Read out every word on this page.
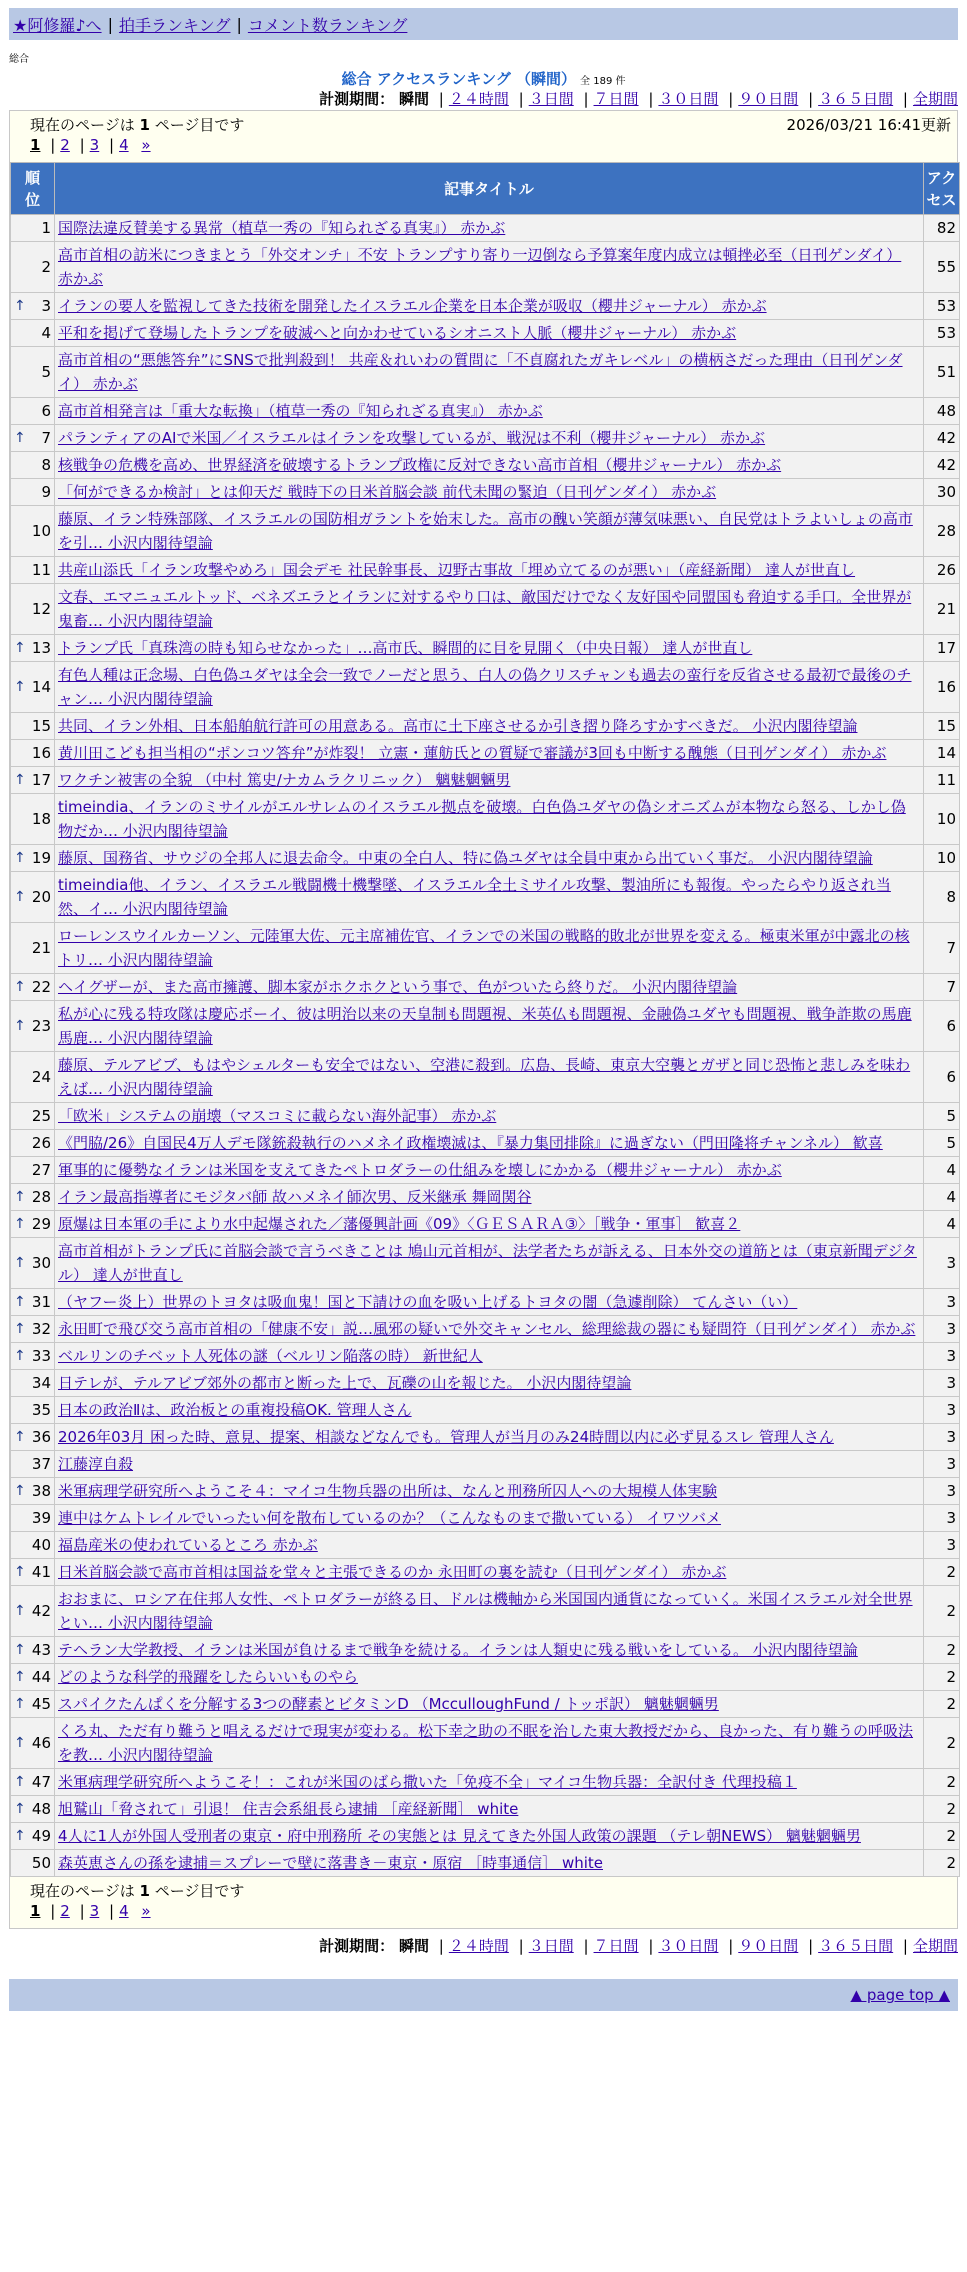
★阿修羅♪へ | 拍手ランキング | コメント数ランキング
総合
総合 アクセスランキング （瞬間） 全 189 件
計測期間： 瞬間 | ２４時間 | ３日間 | ７日間 | ３０日間 | ９０日間 | ３６５日間 | 全期間
現在のページは 1 ページ目です	2026/03/21 16:41更新
1 | 2 | 3 | 4 »
順位	記事タイトル	アクセス

1	国際法違反賛美する異常（植草一秀の『知られざる真実』） 赤かぶ	82
2	高市首相の訪米につきまとう「外交オンチ」不安 トランプすり寄り一辺倒なら予算案年度内成立は頓挫必至（日刊ゲンダイ） 赤かぶ	55

↑ 3	イランの要人を監視してきた技術を開発したイスラエル企業を日本企業が吸収（櫻井ジャーナル） 赤かぶ	53
4	平和を掲げて登場したトランプを破滅へと向かわせているシオニスト人脈（櫻井ジャーナル） 赤かぶ	53
5	高市首相の“悪態答弁”にSNSで批判殺到！ 共産＆れいわの質問に「不貞腐れたガキレベル」の横柄さだった理由（日刊ゲンダイ） 赤かぶ	51
6	高市首相発言は「重大な転換」（植草一秀の『知られざる真実』） 赤かぶ	48

↑ 7	パランティアのAIで米国／イスラエルはイランを攻撃しているが、戦況は不利（櫻井ジャーナル） 赤かぶ	42
8	核戦争の危機を高め、世界経済を破壊するトランプ政権に反対できない高市首相（櫻井ジャーナル） 赤かぶ	42
9	「何ができるか検討」とは仰天だ 戦時下の日米首脳会談 前代未聞の緊迫（日刊ゲンダイ） 赤かぶ	30
10	藤原、イラン特殊部隊、イスラエルの国防相ガラントを始末した。高市の醜い笑顔が薄気味悪い、自民党はトラよいしょの高市を引… 小沢内閣待望論	28
11	共産山添氏「イラン攻撃やめろ」国会デモ 社民幹事長、辺野古事故「埋め立てるのが悪い」（産経新聞） 達人が世直し	26
12	文春、エマニュエルトッド、ベネズエラとイランに対するやり口は、敵国だけでなく友好国や同盟国も脅迫する手口。全世界が鬼畜… 小沢内閣待望論	21

↑ 13	トランプ氏「真珠湾の時も知らせなかった」…高市氏、瞬間的に目を見開く（中央日報） 達人が世直し	17

↑ 14	有色人種は正念場、白色偽ユダヤは全会一致でノーだと思う、白人の偽クリスチャンも過去の蛮行を反省させる最初で最後のチャン… 小沢内閣待望論	16
15	共同、イラン外相、日本船舶航行許可の用意ある。高市に土下座させるか引き摺り降ろすかすべきだ。 小沢内閣待望論	15
16	黄川田こども担当相の“ポンコツ答弁”が炸裂！ 立憲・蓮舫氏との質疑で審議が3回も中断する醜態（日刊ゲンダイ） 赤かぶ	14

↑ 17	ワクチン被害の全貌 （中村 篤史/ナカムラクリニック） 魑魅魍魎男	11
18	timeindia、イランのミサイルがエルサレムのイスラエル拠点を破壊。白色偽ユダヤの偽シオニズムが本物なら怒る、しかし偽物だか… 小沢内閣待望論	10

↑ 19	藤原、国務省、サウジの全邦人に退去命令。中東の全白人、特に偽ユダヤは全員中東から出ていく事だ。 小沢内閣待望論	10

↑ 20	timeindia他、イラン、イスラエル戦闘機十機撃墜、イスラエル全土ミサイル攻撃、製油所にも報復。やったらやり返され当然、イ… 小沢内閣待望論	8
21	ローレンスウイルカーソン、元陸軍大佐、元主席補佐官、イランでの米国の戦略的敗北が世界を変える。極東米軍が中露北の核トリ… 小沢内閣待望論	7

↑ 22	ヘイグザーが、また高市擁護、脚本家がホクホクという事で、色がついたら終りだ。 小沢内閣待望論	7

↑ 23	私が心に残る特攻隊は慶応ボーイ、彼は明治以来の天皇制も問題視、米英仏も問題視、金融偽ユダヤも問題視、戦争詐欺の馬鹿馬鹿… 小沢内閣待望論	6
24	藤原、テルアビブ、もはやシェルターも安全ではない、空港に殺到。広島、長崎、東京大空襲とガザと同じ恐怖と悲しみを味わえば… 小沢内閣待望論	6
25	「欧米」システムの崩壊（マスコミに載らない海外記事） 赤かぶ	5
26	《門脇/26》自国民4万人デモ隊銃殺執行のハメネイ政権壊滅は、『暴力集団排除』に過ぎない（門田隆将チャンネル） 歓喜	5
27	軍事的に優勢なイランは米国を支えてきたペトロダラーの仕組みを壊しにかかる（櫻井ジャーナル） 赤かぶ	4

↑ 28	イラン最高指導者にモジタバ師 故ハメネイ師次男、反米継承 舞岡関谷	4

↑ 29	原爆は日本軍の手により水中起爆された／藩優興計画《09》〈ＧＥＳＡＲＡ③〉［戦争・軍事］ 歓喜２	4

↑ 30	高市首相がトランプ氏に首脳会談で言うべきことは 鳩山元首相が、法学者たちが訴える、日本外交の道筋とは（東京新聞デジタル） 達人が世直し	3

↑ 31	（ヤフー炎上）世界のトヨタは吸血鬼！国と下請けの血を吸い上げるトヨタの闇（急遽削除） てんさい（い）	3

↑ 32	永田町で飛び交う高市首相の「健康不安」説…風邪の疑いで外交キャンセル、総理総裁の器にも疑問符（日刊ゲンダイ） 赤かぶ	3

↑ 33	ベルリンのチベット人死体の謎（ベルリン陥落の時） 新世紀人	3
34	日テレが、テルアビブ郊外の都市と断った上で、瓦礫の山を報じた。 小沢内閣待望論	3
35	日本の政治Ⅱは、政治板との重複投稿OK. 管理人さん	3

↑ 36	2026年03月 困った時、意見、提案、相談などなんでも。管理人が当月のみ24時間以内に必ず見るスレ 管理人さん	3
37	江藤淳自殺	3

↑ 38	米軍病理学研究所へようこそ４：マイコ生物兵器の出所は、なんと刑務所囚人への大規模人体実験	3
39	連中はケムトレイルでいったい何を散布しているのか？（こんなものまで撒いている） イワツバメ	3
40	福島産米の使われているところ 赤かぶ	3

↑ 41	日米首脳会談で高市首相は国益を堂々と主張できるのか 永田町の裏を読む（日刊ゲンダイ） 赤かぶ	2

↑ 42	おおまに、ロシア在住邦人女性、ペトロダラーが終る日、ドルは機軸から米国国内通貨になっていく。米国イスラエル対全世界とい… 小沢内閣待望論	2

↑ 43	テヘラン大学教授、イランは米国が負けるまで戦争を続ける。イランは人類史に残る戦いをしている。 小沢内閣待望論	2

↑ 44	どのような科学的飛躍をしたらいいものやら	2

↑ 45	スパイクたんぱくを分解する3つの酵素とビタミンD （McculloughFund / トッポ訳） 魑魅魍魎男	2

↑ 46	くろ丸、ただ有り難うと唱えるだけで現実が変わる。松下幸之助の不眠を治した東大教授だから、良かった、有り難うの呼吸法を教… 小沢内閣待望論	2

↑ 47	米軍病理学研究所へようこそ！：これが米国のばら撒いた「免疫不全」マイコ生物兵器：全訳付き 代理投稿１	2

↑ 48	旭鷲山「脅されて」引退！ 住吉会系組長ら逮捕 ［産経新聞］ white	2

↑ 49	4人に1人が外国人受刑者の東京・府中刑務所 その実態とは 見えてきた外国人政策の課題 （テレ朝NEWS） 魑魅魍魎男	2
50	森英恵さんの孫を逮捕＝スプレーで壁に落書き－東京・原宿 ［時事通信］ white	2
現在のページは 1 ページ目です
1 | 2 | 3 | 4 »
計測期間： 瞬間 | ２４時間 | ３日間 | ７日間 | ３０日間 | ９０日間 | ３６５日間 | 全期間
▲ page top ▲
